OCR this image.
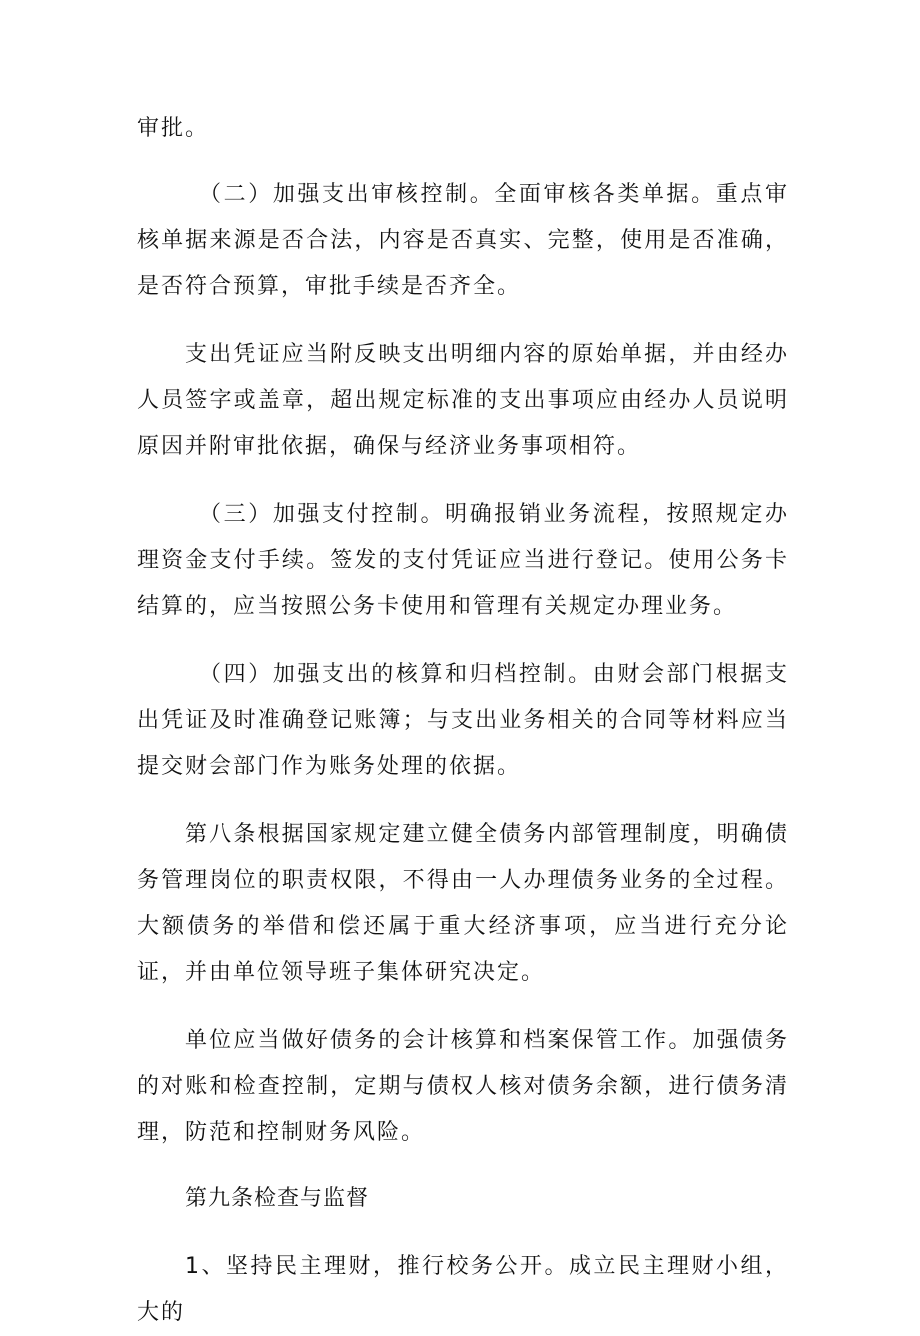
审批。

（二）加强支出审核控制。全面审核各类单据。重点审核单据来源是否合法，内容是否真实、完整，使用是否准确，是否符合预算，审批手续是否齐全。

支出凭证应当附反映支出明细内容的原始单据，并由经办人员签字或盖章，超出规定标准的支出事项应由经办人员说明原因并附审批依据，确保与经济业务事项相符。

（三）加强支付控制。明确报销业务流程，按照规定办理资金支付手续。签发的支付凭证应当进行登记。使用公务卡结算的，应当按照公务卡使用和管理有关规定办理业务。

（四）加强支出的核算和归档控制。由财会部门根据支出凭证及时准确登记账簿；与支出业务相关的合同等材料应当提交财会部门作为账务处理的依据。

第八条根据国家规定建立健全债务内部管理制度，明确债务管理岗位的职责权限，不得由一人办理债务业务的全过程。大额债务的举借和偿还属于重大经济事项，应当进行充分论证，并由单位领导班子集体研究决定。

单位应当做好债务的会计核算和档案保管工作。加强债务的对账和检查控制，定期与债权人核对债务余额，进行债务清理，防范和控制财务风险。

第九条检查与监督

1、坚持民主理财，推行校务公开。成立民主理财小组，大的
